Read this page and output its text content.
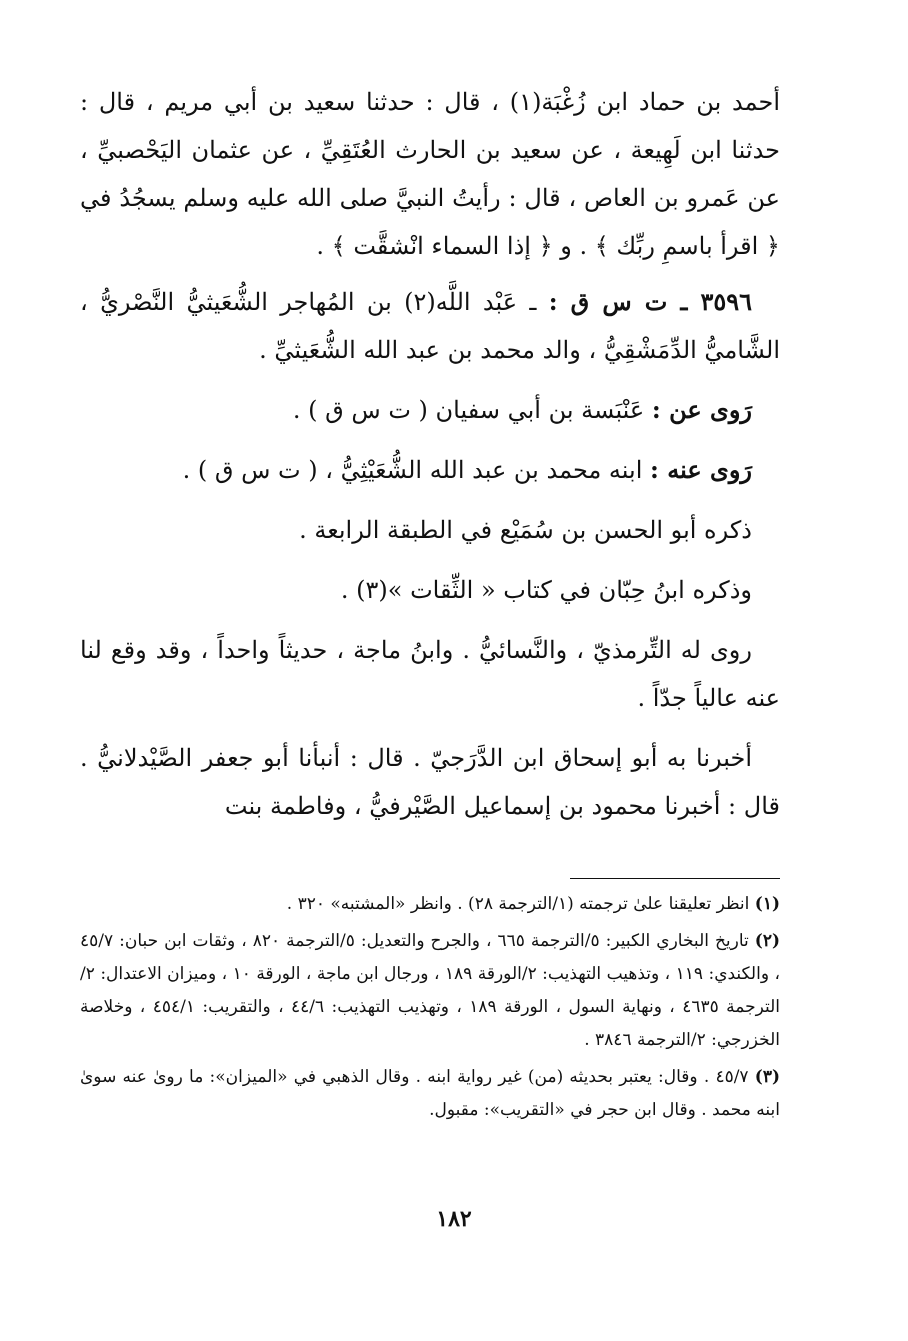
أحمد بن حماد ابن زُغْبَة(١) ، قال : حدثنا سعيد بن أبي مريم ، قال : حدثنا ابن لَهِيعة ، عن سعيد بن الحارث العُتَقِيِّ ، عن عثمان اليَحْصبيِّ ، عن عَمرو بن العاص ، قال : رأيتُ النبيَّ صلى الله عليه وسلم يسجُدُ في ﴿ اقرأ باسمِ ربِّك ﴾ . و ﴿ إذا السماء انْشقَّت ﴾ .

٣٥٩٦ ـ ت س ق : ـ عَبْد اللَّه(٢) بن المُهاجر الشُّعَيثيُّ النَّصْريُّ ، الشَّاميُّ الدِّمَشْقِيُّ ، والد محمد بن عبد الله الشُّعَيثيِّ .

رَوى عن : عَنْبَسة بن أبي سفيان ( ت س ق ) .

رَوى عنه : ابنه محمد بن عبد الله الشُّعَيْثِيُّ ، ( ت س ق ) .

ذكره أبو الحسن بن سُمَيْع في الطبقة الرابعة .

وذكره ابنُ حِبّان في كتاب « الثِّقات »(٣) .

روى له التِّرمذيّ ، والنَّسائيُّ . وابنُ ماجة ، حديثاً واحداً ، وقد وقع لنا عنه عالياً جدّاً .

أخبرنا به أبو إسحاق ابن الدَّرَجيّ . قال : أنبأنا أبو جعفر الصَّيْدلانيُّ . قال : أخبرنا محمود بن إسماعيل الصَّيْرفيُّ ، وفاطمة بنت

(١) انظر تعليقنا علىٰ ترجمته (١/الترجمة ٢٨) . وانظر «المشتبه» ٣٢٠ .

(٢) تاريخ البخاري الكبير: ٥/الترجمة ٦٦٥ ، والجرح والتعديل: ٥/الترجمة ٨٢٠ ، وثقات ابن حبان: ٤٥/٧ ، والكندي: ١١٩ ، وتذهيب التهذيب: ٢/الورقة ١٨٩ ، ورجال ابن ماجة ، الورقة ١٠ ، وميزان الاعتدال: ٢/الترجمة ٤٦٣٥ ، ونهاية السول ، الورقة ١٨٩ ، وتهذيب التهذيب: ٤٤/٦ ، والتقريب: ٤٥٤/١ ، وخلاصة الخزرجي: ٢/الترجمة ٣٨٤٦ .

(٣) ٤٥/٧ . وقال: يعتبر بحديثه (من) غير رواية ابنه . وقال الذهبي في «الميزان»: ما روىٰ عنه سوىٰ ابنه محمد . وقال ابن حجر في «التقريب»: مقبول.

١٨٢
